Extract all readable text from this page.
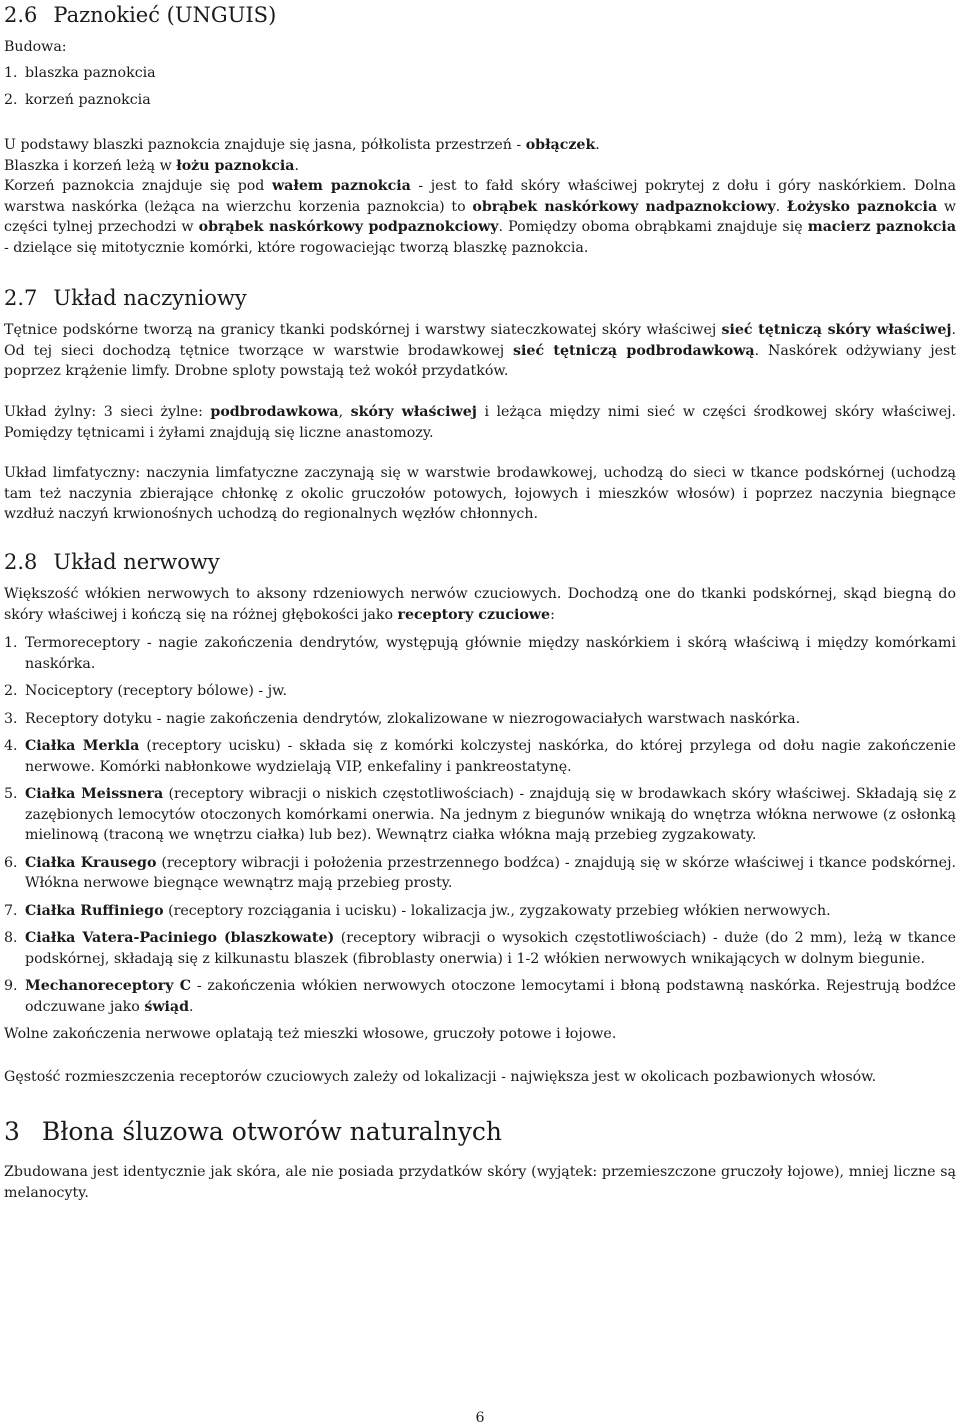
2.6 Paznokieć (UNGUIS)

Budowa:

1. blaszka paznokcia
2. korzeń paznokcia

U podstawy blaszki paznokcia znajduje się jasna, półkolista przestrzeń - obłączek.

Blaszka i korzeń leżą w łożu paznokcia.

Korzeń paznokcia znajduje się pod wałem paznokcia - jest to fałd skóry właściwej pokrytej z dołu i góry naskórkiem. Dolna warstwa naskórka (leżąca na wierzchu korzenia paznokcia) to obrąbek naskórkowy nadpaznokciowy. Łożysko paznokcia w części tylnej przechodzi w obrąbek naskórkowy podpaznokciowy. Pomiędzy oboma obrąbkami znajduje się macierz paznokcia - dzielące się mitotycznie komórki, które rogowaciejąc tworzą blaszkę paznokcia.

2.7 Układ naczyniowy

Tętnice podskórne tworzą na granicy tkanki podskórnej i warstwy siateczkowatej skóry właściwej sieć tętniczą skóry właściwej. Od tej sieci dochodzą tętnice tworzące w warstwie brodawkowej sieć tętniczą podbrodawkową. Naskórek odżywiany jest poprzez krążenie limfy. Drobne sploty powstają też wokół przydatków.

Układ żylny: 3 sieci żylne: podbrodawkowa, skóry właściwej i leżąca między nimi sieć w części środkowej skóry właściwej. Pomiędzy tętnicami i żyłami znajdują się liczne anastomozy.

Układ limfatyczny: naczynia limfatyczne zaczynają się w warstwie brodawkowej, uchodzą do sieci w tkance podskórnej (uchodzą tam też naczynia zbierające chłonkę z okolic gruczołów potowych, łojowych i mieszków włosów) i poprzez naczynia biegnące wzdłuż naczyń krwionośnych uchodzą do regionalnych węzłów chłonnych.

2.8 Układ nerwowy

Większość włókien nerwowych to aksony rdzeniowych nerwów czuciowych. Dochodzą one do tkanki podskórnej, skąd biegną do skóry właściwej i kończą się na różnej głębokości jako receptory czuciowe:

1. Termoreceptory - nagie zakończenia dendrytów, występują głównie między naskórkiem i skórą właściwą i między komórkami naskórka.
2. Nociceptory (receptory bólowe) - jw.
3. Receptory dotyku - nagie zakończenia dendrytów, zlokalizowane w niezrogowaciałych warstwach naskórka.
4. Ciałka Merkla (receptory ucisku) - składa się z komórki kolczystej naskórka, do której przylega od dołu nagie zakończenie nerwowe. Komórki nabłonkowe wydzielają VIP, enkefaliny i pankreostatynę.
5. Ciałka Meissnera (receptory wibracji o niskich częstotliwościach) - znajdują się w brodawkach skóry właściwej. Składają się z zazębionych lemocytów otoczonych komórkami onerwia. Na jednym z biegunów wnikają do wnętrza włókna nerwowe (z osłonką mielinową (traconą we wnętrzu ciałka) lub bez). Wewnątrz ciałka włókna mają przebieg zygzakowaty.
6. Ciałka Krausego (receptory wibracji i położenia przestrzennego bodźca) - znajdują się w skórze właściwej i tkance podskórnej. Włókna nerwowe biegnące wewnątrz mają przebieg prosty.
7. Ciałka Ruffiniego (receptory rozciągania i ucisku) - lokalizacja jw., zygzakowaty przebieg włókien nerwowych.
8. Ciałka Vatera-Paciniego (blaszkowate) (receptory wibracji o wysokich częstotliwościach) - duże (do 2 mm), leżą w tkance podskórnej, składają się z kilkunastu blaszek (fibroblasty onerwia) i 1-2 włókien nerwowych wnikających w dolnym biegunie.
9. Mechanoreceptory C - zakończenia włókien nerwowych otoczone lemocytami i błoną podstawną naskórka. Rejestrują bodźce odczuwane jako świąd.

Wolne zakończenia nerwowe oplatają też mieszki włosowe, gruczoły potowe i łojowe.

Gęstość rozmieszczenia receptorów czuciowych zależy od lokalizacji - największa jest w okolicach pozbawionych włosów.

3 Błona śluzowa otworów naturalnych

Zbudowana jest identycznie jak skóra, ale nie posiada przydatków skóry (wyjątek: przemieszczone gruczoły łojowe), mniej liczne są melanocyty.

6
